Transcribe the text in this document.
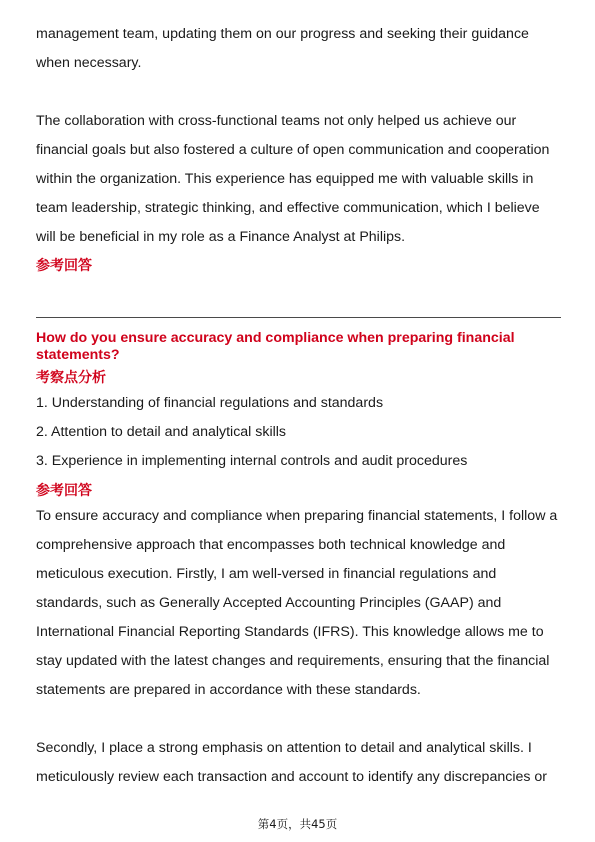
management team, updating them on our progress and seeking their guidance when necessary.

The collaboration with cross-functional teams not only helped us achieve our financial goals but also fostered a culture of open communication and cooperation within the organization. This experience has equipped me with valuable skills in team leadership, strategic thinking, and effective communication, which I believe will be beneficial in my role as a Finance Analyst at Philips.

参考回答

How do you ensure accuracy and compliance when preparing financial statements?

考察点分析
1. Understanding of financial regulations and standards
2. Attention to detail and analytical skills
3. Experience in implementing internal controls and audit procedures
参考回答

To ensure accuracy and compliance when preparing financial statements, I follow a comprehensive approach that encompasses both technical knowledge and meticulous execution. Firstly, I am well-versed in financial regulations and standards, such as Generally Accepted Accounting Principles (GAAP) and International Financial Reporting Standards (IFRS). This knowledge allows me to stay updated with the latest changes and requirements, ensuring that the financial statements are prepared in accordance with these standards.

Secondly, I place a strong emphasis on attention to detail and analytical skills. I meticulously review each transaction and account to identify any discrepancies or

第4页，共45页
